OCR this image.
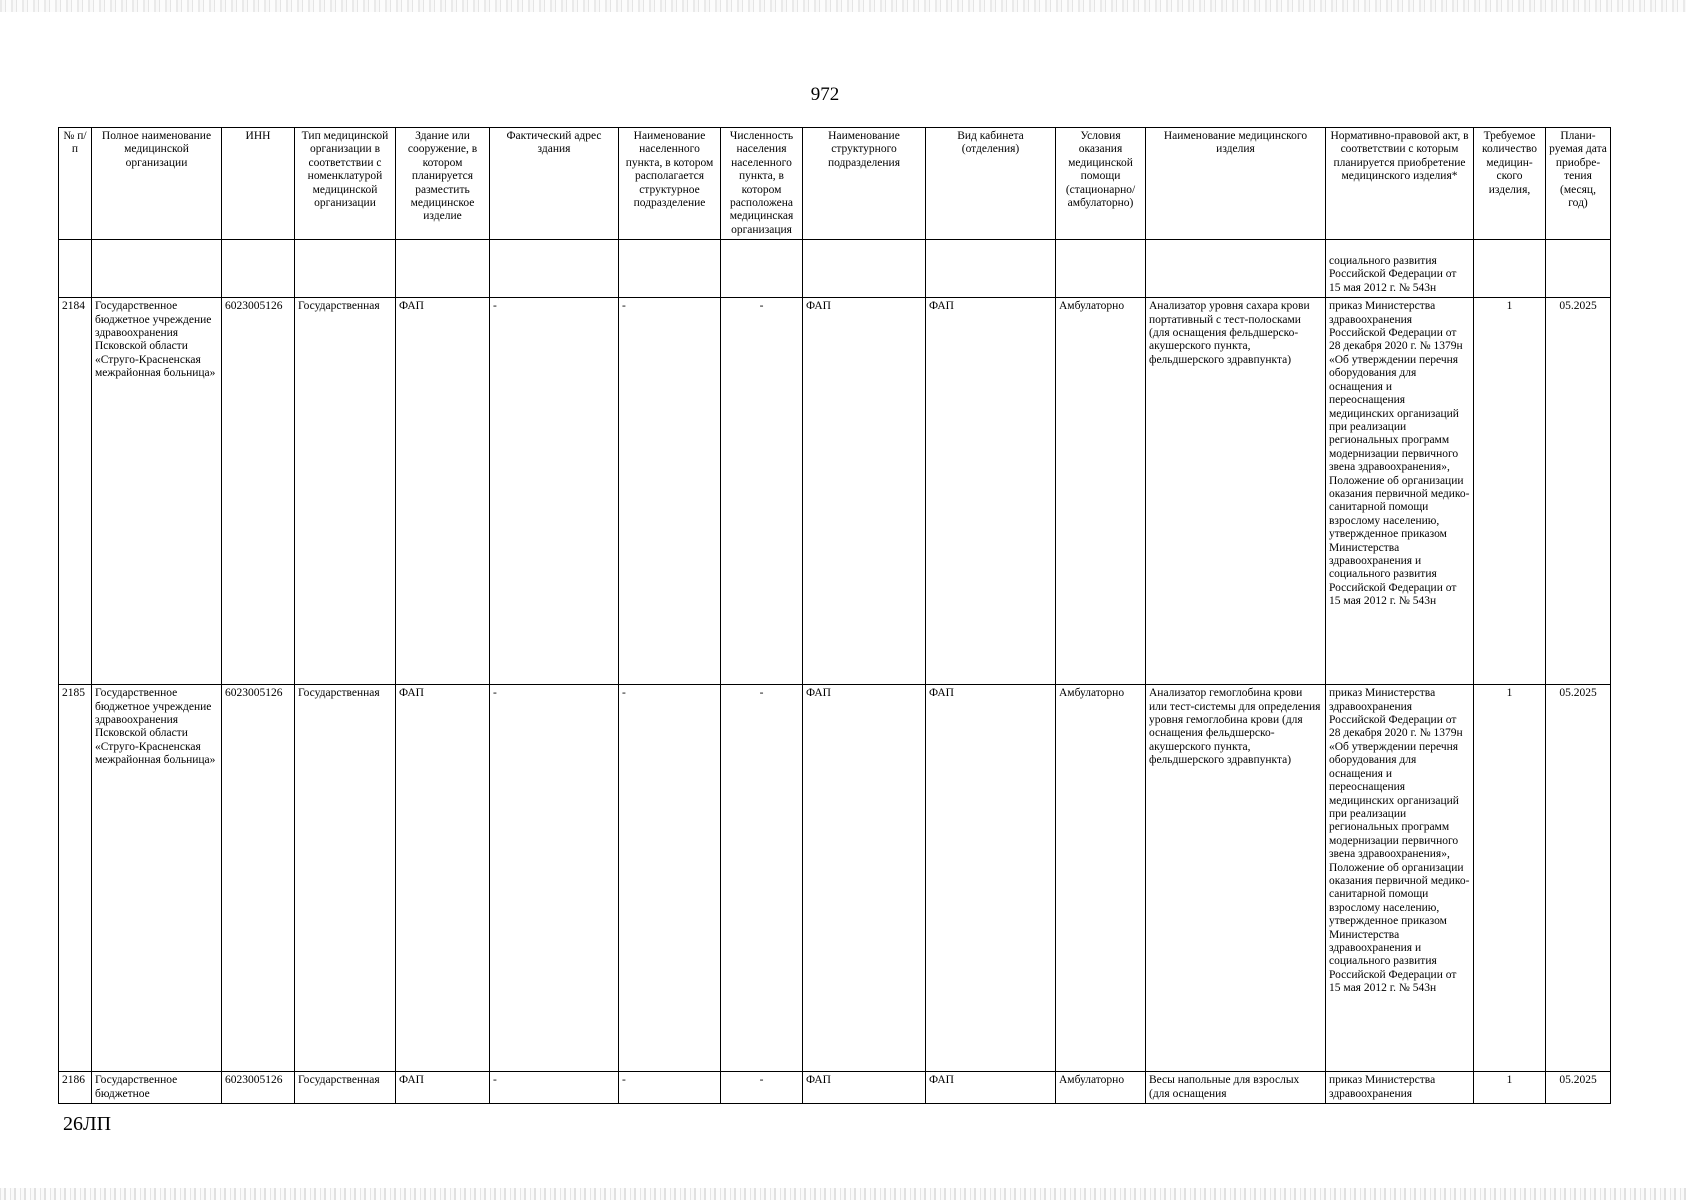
972
№ п/п	Полное наименование медицинской организации	ИНН	Тип медицинской организации в соответствии с номенклатурой медицинской организации	Здание или сооружение, в котором планируется разместить медицинское изделие	Фактический адрес здания	Наименование населенного пункта, в котором располагается структурное подразделение	Численность населения населенного пункта, в котором расположена медицинская организация	Наименование структурного подразделения	Вид кабинета (отделения)	Условия оказания медицинской помощи (стационарно/ амбулаторно)	Наименование медицинского изделия	Нормативно-правовой акт, в соответствии с которым планируется приобретение медицинского изделия*	Требуемое количество медицин-ского изделия,	Плани-руемая дата приобре-тения (месяц, год)
												социального развития Российской Федерации от 15 мая 2012 г. № 543н		
2184	Государственное бюджетное учреждение здравоохранения Псковской области «Струго-Красненская межрайонная больница»	6023005126	Государственная	ФАП	-	-	-	ФАП	ФАП	Амбулаторно	Анализатор уровня сахара крови портативный с тест-полосками (для оснащения фельдшерско-акушерского пункта, фельдшерского здравпункта)	приказ Министерства здравоохранения Российской Федерации от 28 декабря 2020 г. № 1379н «Об утверждении перечня оборудования для оснащения и переоснащения медицинских организаций при реализации региональных программ модернизации первичного звена здравоохранения», Положение об организации оказания первичной медико-санитарной помощи взрослому населению, утвержденное приказом Министерства здравоохранения и социального развития Российской Федерации от 15 мая 2012 г. № 543н	1	05.2025
2185	Государственное бюджетное учреждение здравоохранения Псковской области «Струго-Красненская межрайонная больница»	6023005126	Государственная	ФАП	-	-	-	ФАП	ФАП	Амбулаторно	Анализатор гемоглобина крови или тест-системы для определения уровня гемоглобина крови (для оснащения фельдшерско-акушерского пункта, фельдшерского здравпункта)	приказ Министерства здравоохранения Российской Федерации от 28 декабря 2020 г. № 1379н «Об утверждении перечня оборудования для оснащения и переоснащения медицинских организаций при реализации региональных программ модернизации первичного звена здравоохранения», Положение об организации оказания первичной медико-санитарной помощи взрослому населению, утвержденное приказом Министерства здравоохранения и социального развития Российской Федерации от 15 мая 2012 г. № 543н	1	05.2025
2186	Государственное бюджетное	6023005126	Государственная	ФАП	-	-	-	ФАП	ФАП	Амбулаторно	Весы напольные для взрослых (для оснащения	приказ Министерства здравоохранения	1	05.2025
26ЛП
